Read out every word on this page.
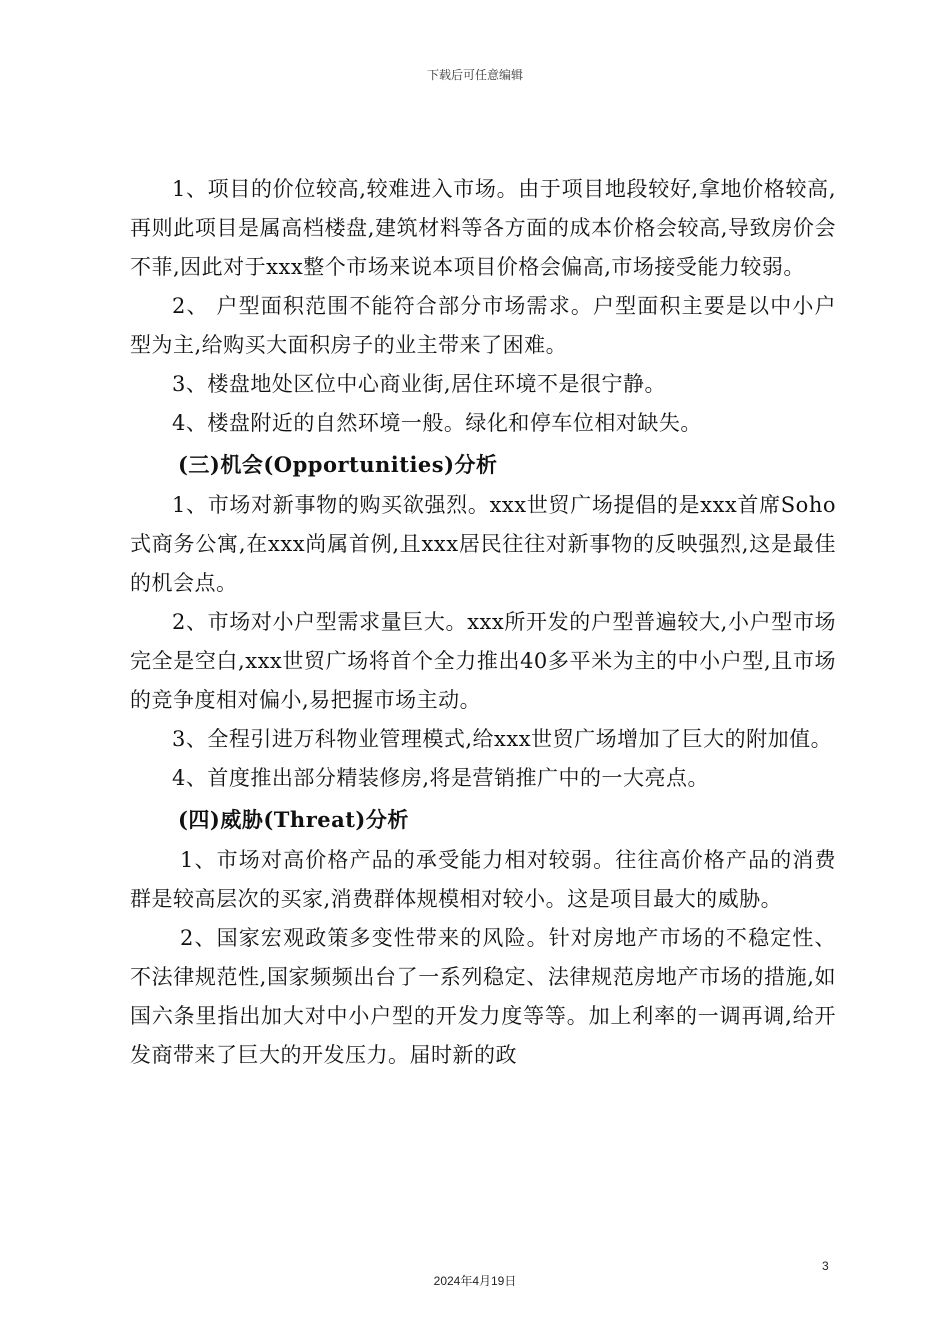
下载后可任意编辑

1、项目的价位较高,较难进入市场。由于项目地段较好,拿地价格较高,再则此项目是属高档楼盘,建筑材料等各方面的成本价格会较高,导致房价会不菲,因此对于xxx整个市场来说本项目价格会偏高,市场接受能力较弱。

2、 户型面积范围不能符合部分市场需求。户型面积主要是以中小户型为主,给购买大面积房子的业主带来了困难。

3、楼盘地处区位中心商业街,居住环境不是很宁静。

4、楼盘附近的自然环境一般。绿化和停车位相对缺失。

(三)机会(Opportunities)分析

1、市场对新事物的购买欲强烈。xxx世贸广场提倡的是xxx首席Soho式商务公寓,在xxx尚属首例,且xxx居民往往对新事物的反映强烈,这是最佳的机会点。

2、市场对小户型需求量巨大。xxx所开发的户型普遍较大,小户型市场完全是空白,xxx世贸广场将首个全力推出40多平米为主的中小户型,且市场的竞争度相对偏小,易把握市场主动。

3、全程引进万科物业管理模式,给xxx世贸广场增加了巨大的附加值。

4、首度推出部分精装修房,将是营销推广中的一大亮点。

(四)威胁(Threat)分析

1、市场对高价格产品的承受能力相对较弱。往往高价格产品的消费群是较高层次的买家,消费群体规模相对较小。这是项目最大的威胁。

2、国家宏观政策多变性带来的风险。针对房地产市场的不稳定性、不法律规范性,国家频频出台了一系列稳定、法律规范房地产市场的措施,如国六条里指出加大对中小户型的开发力度等等。加上利率的一调再调,给开发商带来了巨大的开发压力。届时新的政

3
2024年4月19日
